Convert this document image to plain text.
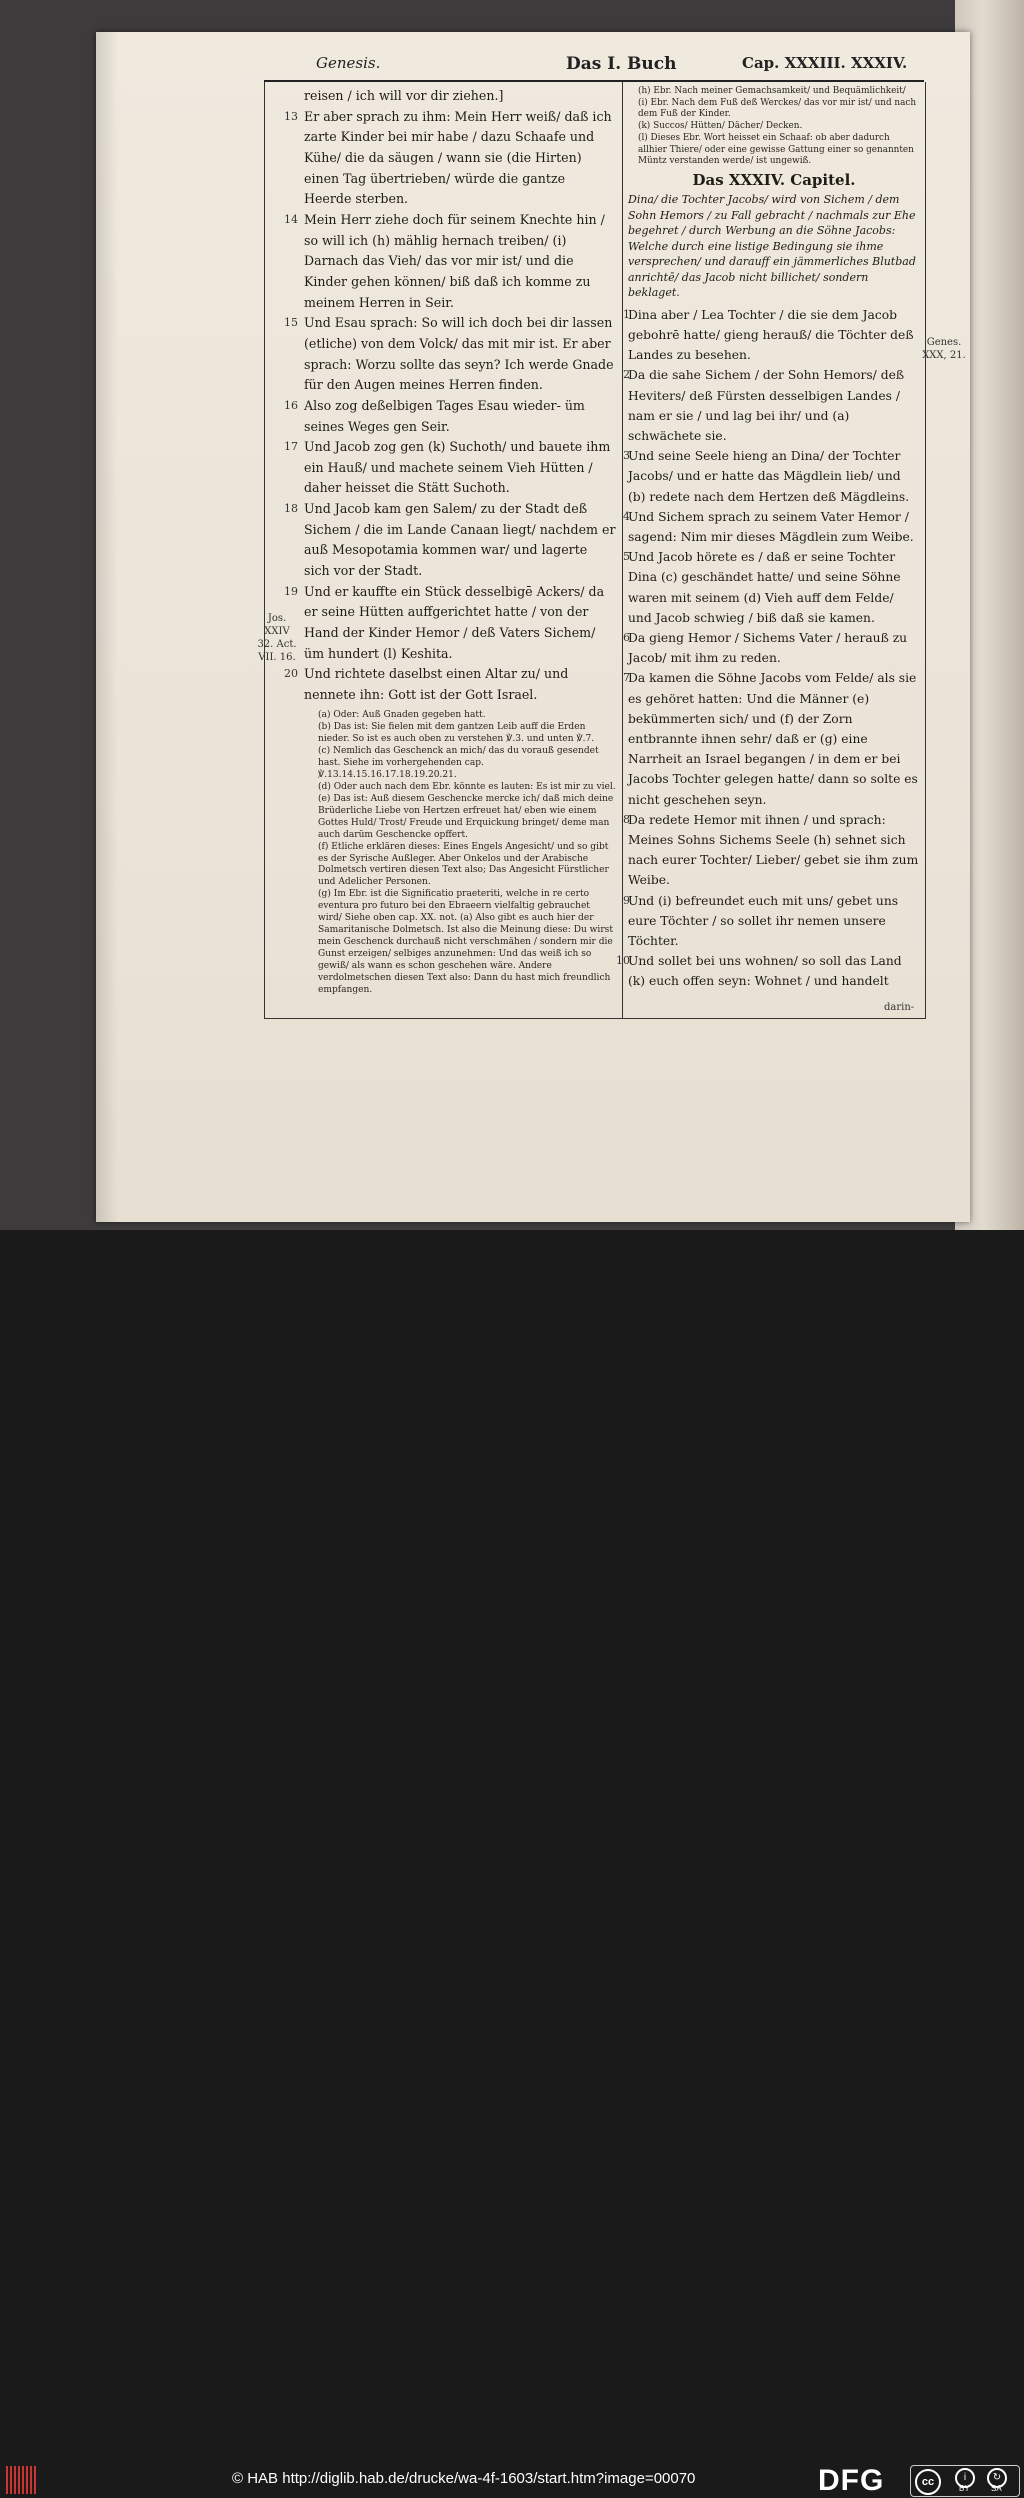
Genesis.	Das I. Buch	Cap. XXXIII. XXXIV.

reisen / ich will vor dir ziehen.]

13 Er aber sprach zu ihm: Mein Herr weiß/ daß ich zarte Kinder bei mir habe / dazu Schaafe und Kühe/ die da säugen / wann sie (die Hirten) einen Tag übertrieben/ würde die gantze Heerde sterben.

14 Mein Herr ziehe doch für seinem Knechte hin / so will ich (h) mählig hernach treiben/ (i) Darnach das Vieh/ das vor mir ist/ und die Kinder gehen können/ biß daß ich komme zu meinem Herren in Seir.

15 Und Esau sprach: So will ich doch bei dir lassen (etliche) von dem Volck/ das mit mir ist. Er aber sprach: Worzu sollte das seyn? Ich werde Gnade für den Augen meines Herren finden.

16 Also zog deßelbigen Tages Esau wieder- üm seines Weges gen Seir.

17 Und Jacob zog gen (k) Suchoth/ und bauete ihm ein Hauß/ und machete seinem Vieh Hütten / daher heisset die Stätt Suchoth.

18 Und Jacob kam gen Salem/ zu der Stadt deß Sichem / die im Lande Canaan liegt/ nachdem er auß Mesopotamia kommen war/ und lagerte sich vor der Stadt.

19 Und er kauffte ein Stück desselbigē Ackers/ da er seine Hütten auffgerichtet hatte / von der Hand der Kinder Hemor / deß Vaters Sichem/ üm hundert (l) Keshita.

20 Und richtete daselbst einen Altar zu/ und nennete ihn: Gott ist der Gott Israel.

(a) Oder: Auß Gnaden gegeben hatt.

(b) Das ist: Sie fielen mit dem gantzen Leib auff die Erden nieder. So ist es auch oben zu verstehen ℣.3. und unten ℣.7.

(c) Nemlich das Geschenck an mich/ das du vorauß gesendet hast. Siehe im vorhergehenden cap. ℣.13.14.15.16.17.18.19.20.21.

(d) Oder auch nach dem Ebr. könnte es lauten: Es ist mir zu viel.

(e) Das ist: Auß diesem Geschencke mercke ich/ daß mich deine Brüderliche Liebe von Hertzen erfreuet hat/ eben wie einem Gottes Huld/ Trost/ Freude und Erquickung bringet/ deme man auch darüm Geschencke opffert.

(f) Etliche erklären dieses: Eines Engels Angesicht/ und so gibt es der Syrische Außleger. Aber Onkelos und der Arabische Dolmetsch vertiren diesen Text also; Das Angesicht Fürstlicher und Adelicher Personen.

(g) Im Ebr. ist die Significatio praeteriti, welche in re certo eventura pro futuro bei den Ebraeern vielfaltig gebrauchet wird/ Siehe oben cap. XX. not. (a) Also gibt es auch hier der Samaritanische Dolmetsch. Ist also die Meinung diese: Du wirst mein Geschenck durchauß nicht verschmähen / sondern mir die Gunst erzeigen/ selbiges anzunehmen: Und das weiß ich so gewiß/ als wann es schon geschehen wäre. Andere verdolmetschen diesen Text also: Dann du hast mich freundlich empfangen.

(h) Ebr. Nach meiner Gemachsamkeit/ und Bequämlichkeit/

(i) Ebr. Nach dem Fuß deß Werckes/ das vor mir ist/ und nach dem Fuß der Kinder.

(k) Succos/ Hütten/ Dächer/ Decken.

(l) Dieses Ebr. Wort heisset ein Schaaf: ob aber dadurch allhier Thiere/ oder eine gewisse Gattung einer so genannten Müntz verstanden werde/ ist ungewiß.

Das XXXIV. Capitel.
Dina/ die Tochter Jacobs/ wird von Sichem / dem Sohn Hemors / zu Fall gebracht / nachmals zur Ehe begehret / durch Werbung an die Söhne Jacobs: Welche durch eine listige Bedingung sie ihme versprechen/ und darauff ein jämmerliches Blutbad anrichtē/ das Jacob nicht billichet/ sondern beklaget.

1
Dina aber / Lea Tochter / die sie dem Jacob gebohrē hatte/ gieng herauß/ die Töchter deß Landes zu besehen.

2
Da die sahe Sichem / der Sohn Hemors/ deß Heviters/ deß Fürsten desselbigen Landes / nam er sie / und lag bei ihr/ und (a) schwächete sie.

3
Und seine Seele hieng an Dina/ der Tochter Jacobs/ und er hatte das Mägdlein lieb/ und (b) redete nach dem Hertzen deß Mägdleins.

4
Und Sichem sprach zu seinem Vater Hemor / sagend: Nim mir dieses Mägdlein zum Weibe.

5
Und Jacob hörete es / daß er seine Tochter Dina (c) geschändet hatte/ und seine Söhne waren mit seinem (d) Vieh auff dem Felde/ und Jacob schwieg / biß daß sie kamen.

6
Da gieng Hemor / Sichems Vater / herauß zu Jacob/ mit ihm zu reden.

7
Da kamen die Söhne Jacobs vom Felde/ als sie es gehöret hatten: Und die Männer (e) bekümmerten sich/ und (f) der Zorn entbrannte ihnen sehr/ daß er (g) eine Narrheit an Israel begangen / in dem er bei Jacobs Tochter gelegen hatte/ dann so solte es nicht geschehen seyn.

8
Da redete Hemor mit ihnen / und sprach: Meines Sohns Sichems Seele (h) sehnet sich nach eurer Tochter/ Lieber/ gebet sie ihm zum Weibe.

9
Und (i) befreundet euch mit uns/ gebet uns eure Töchter / so sollet ihr nemen unsere Töchter.

10
Und sollet bei uns wohnen/ so soll das Land (k) euch offen seyn: Wohnet / und handelt

Jos. XXIV 32. Act. VII. 16.
Genes. XXX, 21.
darin-
© HAB http://diglib.hab.de/drucke/wa-4f-1603/start.htm?image=00070	DFG	cc	i	↻
BY	SA
